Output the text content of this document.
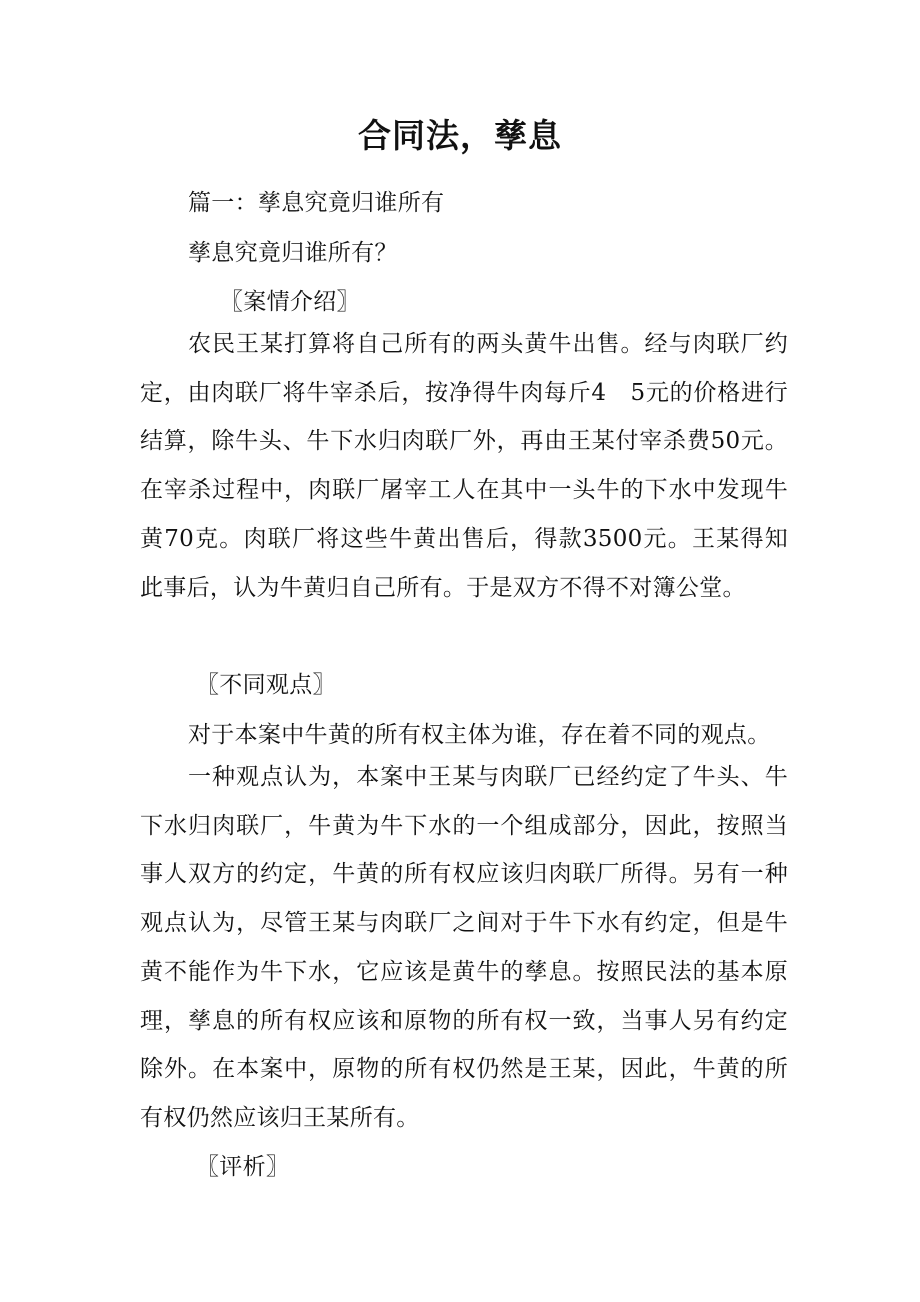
合同法，孳息
篇一：孳息究竟归谁所有
孳息究竟归谁所有？
〖案情介绍〗

农民王某打算将自己所有的两头黄牛出售。经与肉联厂约定，由肉联厂将牛宰杀后，按净得牛肉每斤4　5元的价格进行结算，除牛头、牛下水归肉联厂外，再由王某付宰杀费50元。在宰杀过程中，肉联厂屠宰工人在其中一头牛的下水中发现牛黄70克。肉联厂将这些牛黄出售后，得款3500元。王某得知此事后，认为牛黄归自己所有。于是双方不得不对簿公堂。

〖不同观点〗
对于本案中牛黄的所有权主体为谁，存在着不同的观点。

一种观点认为，本案中王某与肉联厂已经约定了牛头、牛下水归肉联厂，牛黄为牛下水的一个组成部分，因此，按照当事人双方的约定，牛黄的所有权应该归肉联厂所得。另有一种观点认为，尽管王某与肉联厂之间对于牛下水有约定，但是牛黄不能作为牛下水，它应该是黄牛的孳息。按照民法的基本原理，孳息的所有权应该和原物的所有权一致，当事人另有约定除外。在本案中，原物的所有权仍然是王某，因此，牛黄的所有权仍然应该归王某所有。

〖评析〗
